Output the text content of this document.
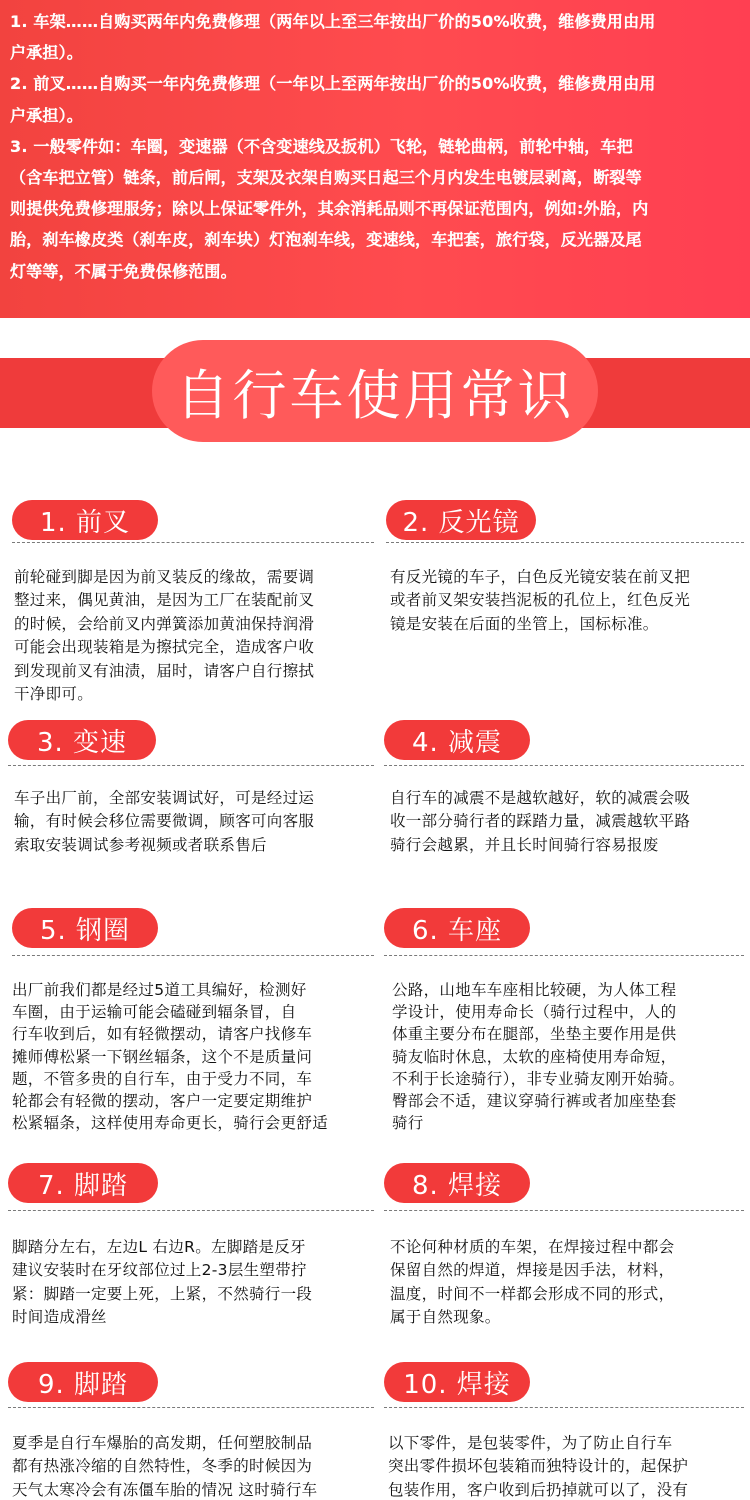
1. 车架……自购买两年内免费修理（两年以上至三年按出厂价的50%收费，维修费用由用

户承担）。

2. 前叉……自购买一年内免费修理（一年以上至两年按出厂价的50%收费，维修费用由用

户承担）。

3. 一般零件如：车圈，变速器（不含变速线及扳机）飞轮，链轮曲柄，前轮中轴，车把

（含车把立管）链条，前后闸，支架及衣架自购买日起三个月内发生电镀层剥离，断裂等

则提供免费修理服务；除以上保证零件外，其余消耗品则不再保证范围内，例如:外胎，内

胎，刹车橡皮类（刹车皮，刹车块）灯泡刹车线，变速线，车把套，旅行袋，反光器及尾

灯等等，不属于免费保修范围。

自行车使用常识
1. 前叉
前轮碰到脚是因为前叉装反的缘故，需要调
整过来，偶见黄油，是因为工厂在装配前叉
的时候，会给前叉内弹簧添加黄油保持润滑
可能会出现装箱是为擦拭完全，造成客户收
到发现前叉有油渍，届时，请客户自行擦拭
干净即可。
2. 反光镜
有反光镜的车子，白色反光镜安装在前叉把
或者前叉架安装挡泥板的孔位上，红色反光
镜是安装在后面的坐管上，国标标准。
3. 变速
车子出厂前，全部安装调试好，可是经过运
输，有时候会移位需要微调，顾客可向客服
索取安装调试参考视频或者联系售后
4. 减震
自行车的减震不是越软越好，软的减震会吸
收一部分骑行者的踩踏力量，减震越软平路
骑行会越累，并且长时间骑行容易报废
5. 钢圈
出厂前我们都是经过5道工具编好，检测好
车圈，由于运输可能会磕碰到辐条冒，自
行车收到后，如有轻微摆动，请客户找修车
摊师傅松紧一下钢丝辐条，这个不是质量问
题，不管多贵的自行车，由于受力不同，车
轮都会有轻微的摆动，客户一定要定期维护
松紧辐条，这样使用寿命更长，骑行会更舒适
6. 车座
公路，山地车车座相比较硬，为人体工程
学设计，使用寿命长（骑行过程中，人的
体重主要分布在腿部，坐垫主要作用是供
骑友临时休息，太软的座椅使用寿命短，
不利于长途骑行），非专业骑友刚开始骑。
臀部会不适，建议穿骑行裤或者加座垫套
骑行
7. 脚踏
脚踏分左右，左边L 右边R。左脚踏是反牙
建议安装时在牙纹部位过上2-3层生塑带拧
紧：脚踏一定要上死，上紧，不然骑行一段
时间造成滑丝
8. 焊接
不论何种材质的车架，在焊接过程中都会
保留自然的焊道，焊接是因手法，材料，
温度，时间不一样都会形成不同的形式，
属于自然现象。
9. 脚踏
夏季是自行车爆胎的高发期，任何塑胶制品
都有热涨冷缩的自然特性，冬季的时候因为
天气太寒冷会有冻僵车胎的情况 这时骑行车
10. 焊接
以下零件，是包装零件，为了防止自行车
突出零件损坏包装箱而独特设计的，起保护
包装作用，客户收到后扔掉就可以了，没有
